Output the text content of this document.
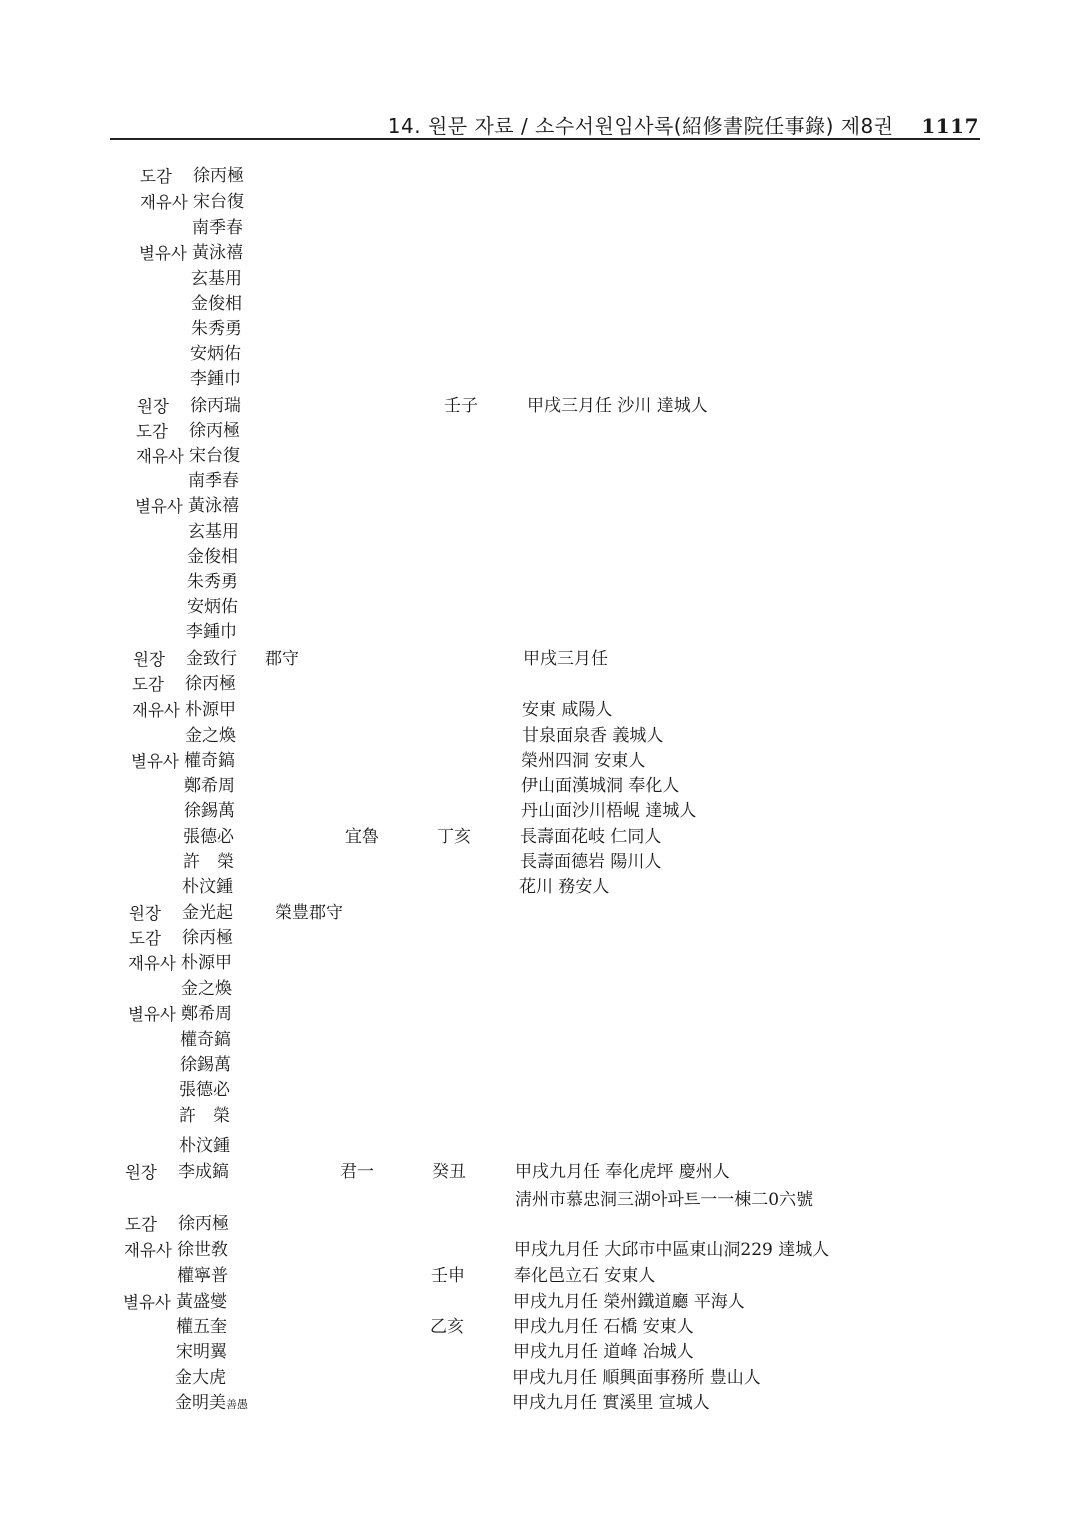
14. 원문 자료 / 소수서원임사록(紹修書院任事錄) 제8권 1117
도감 徐丙極
재유사 宋台復
南季春
별유사 黃泳禧
玄基用
金俊相
朱秀勇
安炳佑
李鍾巾
원장 徐丙瑞	壬子	甲戌三月任 沙川 達城人
도감 徐丙極
재유사 宋台復
南季春
별유사 黃泳禧
玄基用
金俊相
朱秀勇
安炳佑
李鍾巾
원장 金致行 郡守	甲戌三月任
도감 徐丙極
재유사 朴源甲	安東 咸陽人
金之煥	甘泉面泉香 義城人
별유사 權奇鎬	榮州四洞 安東人
鄭希周	伊山面漢城洞 奉化人
徐錫萬	丹山面沙川梧峴 達城人
張德必	宜魯	丁亥	長壽面花岐 仁同人
許　榮	長壽面德岩 陽川人
朴汶鍾	花川 務安人
원장 金光起 榮豊郡守
도감 徐丙極
재유사 朴源甲
金之煥
별유사 鄭希周
權奇鎬
徐錫萬
張德必
許　榮
朴汶鍾
원장 李成鎬	君一	癸丑	甲戌九月任 奉化虎坪 慶州人
淸州市慕忠洞三湖아파트一一棟二0六號
도감 徐丙極
재유사 徐世敎	甲戌九月任 大邱市中區東山洞229 達城人
權寧普	壬申	奉化邑立石 安東人
별유사 黃盛燮	甲戌九月任 榮州鐵道廳 平海人
權五奎	乙亥	甲戌九月任 石橋 安東人
宋明翼	甲戌九月任 道峰 冶城人
金大虎	甲戌九月任 順興面事務所 豊山人
金明美善愚	甲戌九月任 實溪里 宣城人
